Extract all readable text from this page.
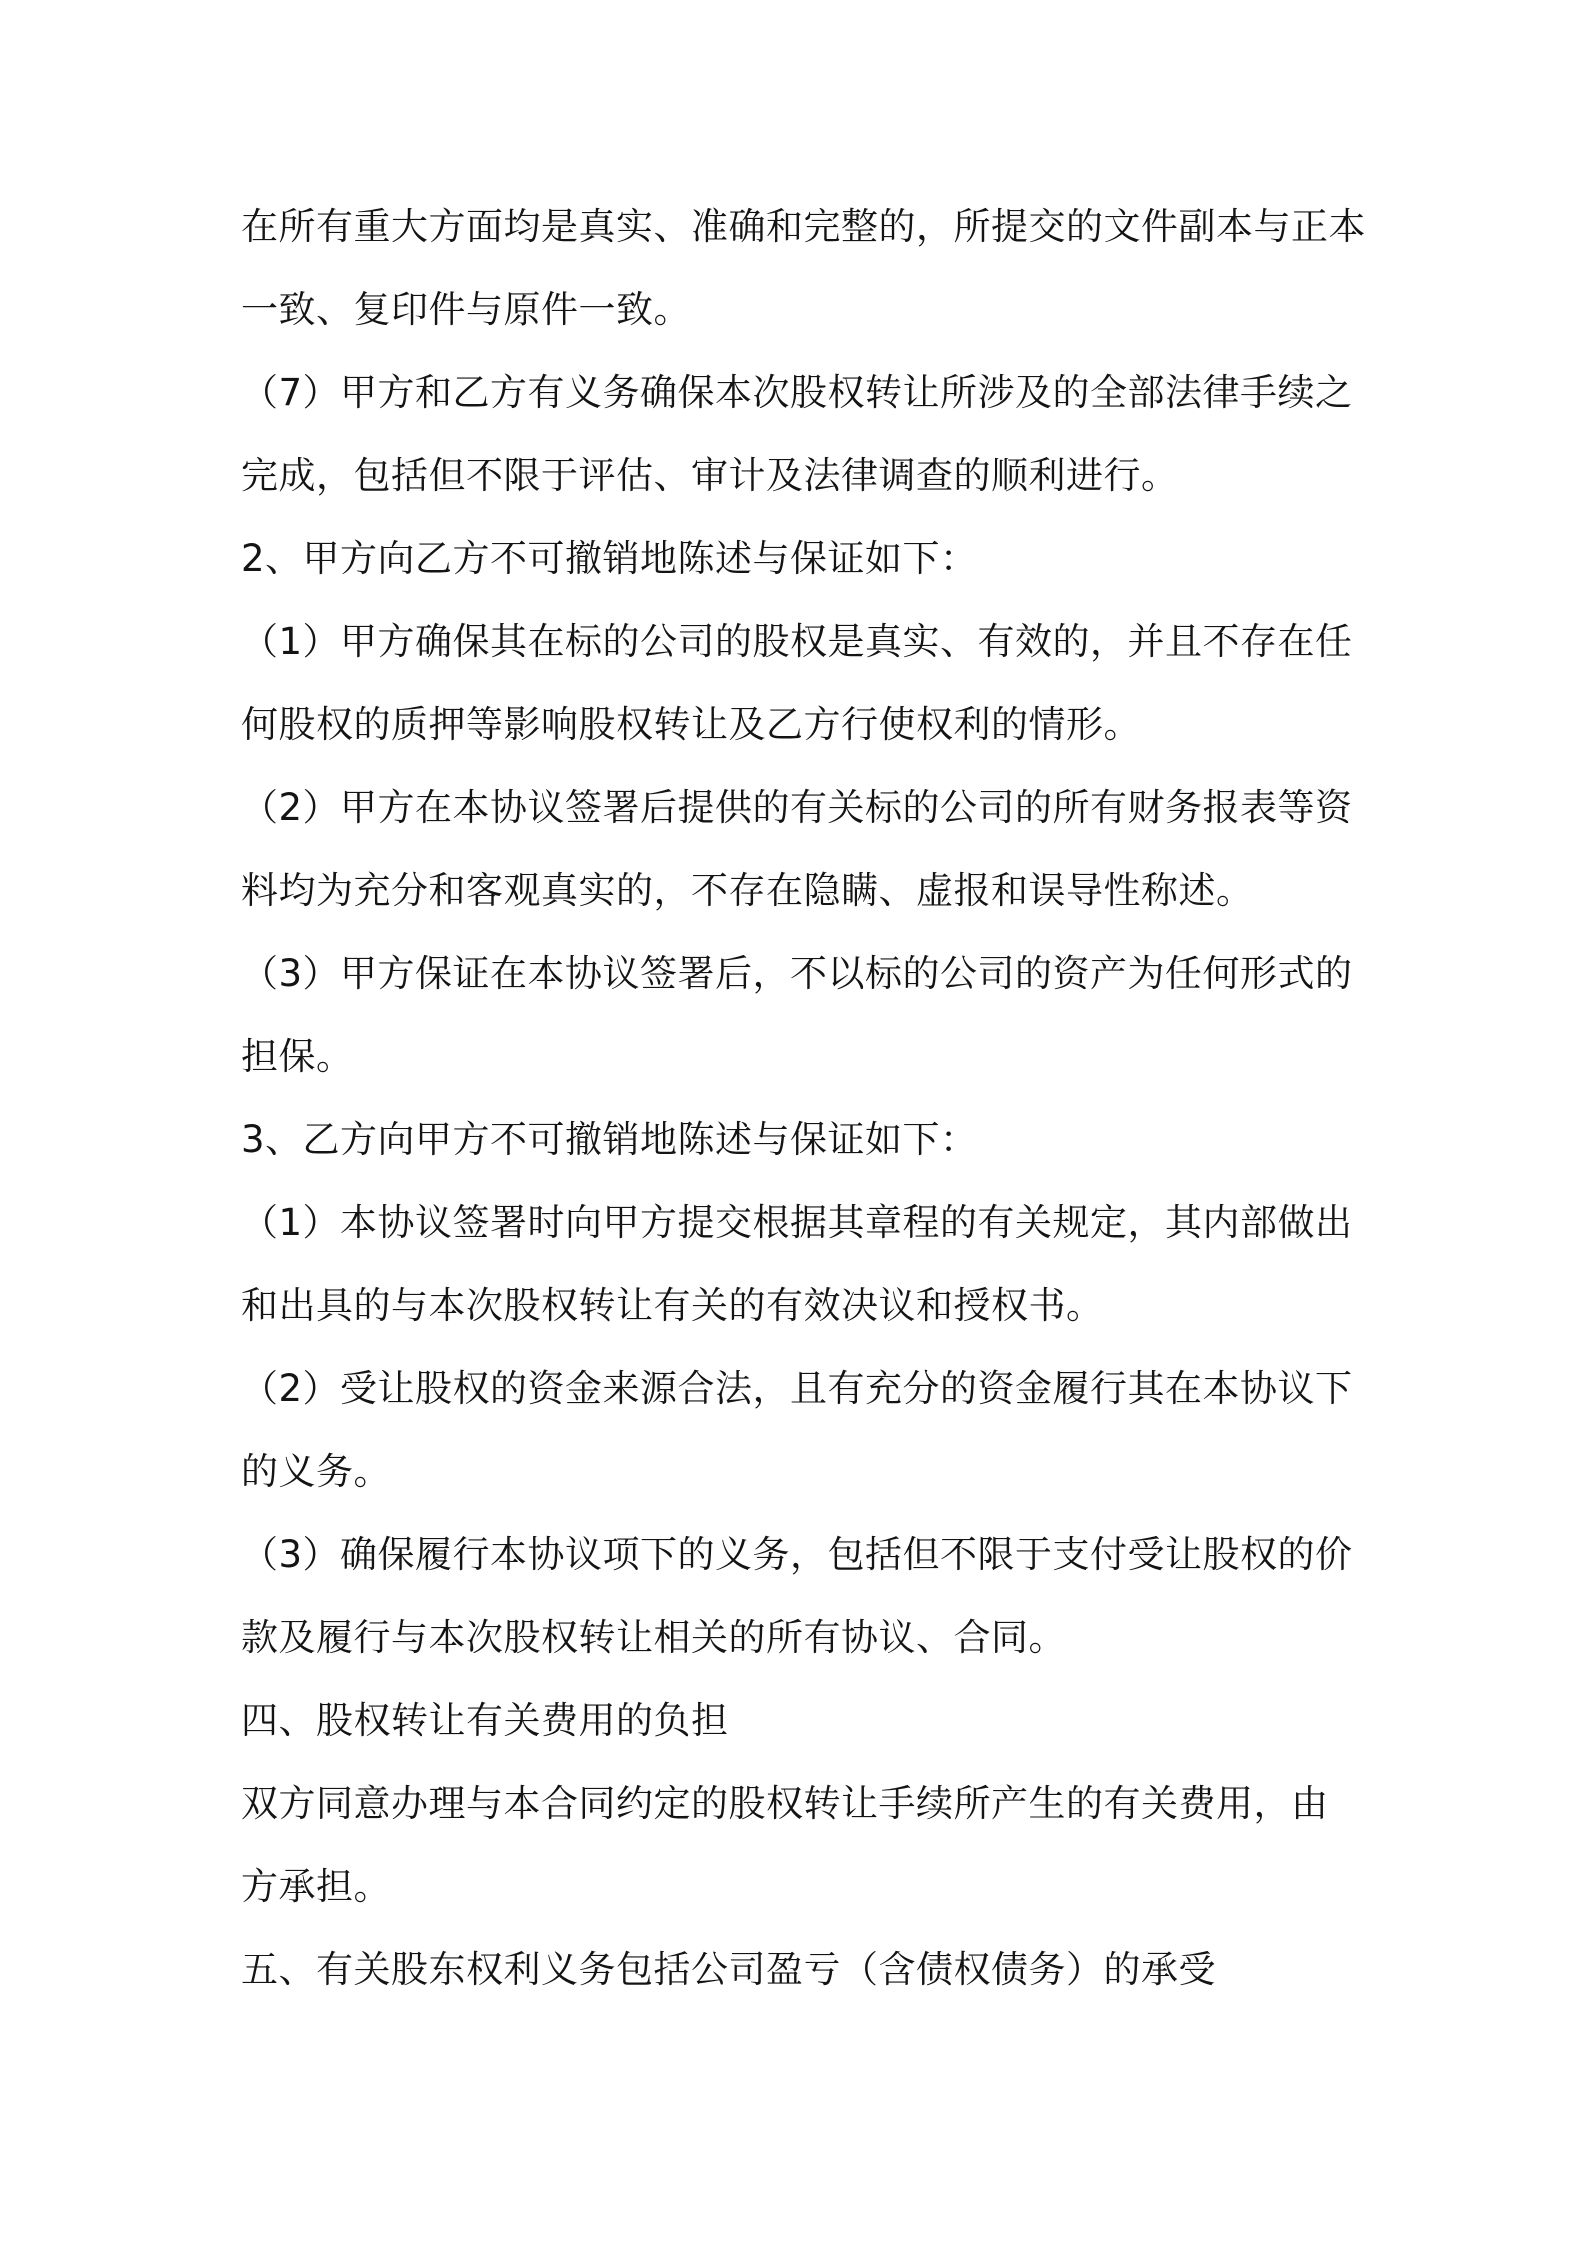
在所有重大方面均是真实、准确和完整的，所提交的文件副本与正本
一致、复印件与原件一致。
（7）甲方和乙方有义务确保本次股权转让所涉及的全部法律手续之
完成，包括但不限于评估、审计及法律调查的顺利进行。
2、甲方向乙方不可撤销地陈述与保证如下：
（1）甲方确保其在标的公司的股权是真实、有效的，并且不存在任
何股权的质押等影响股权转让及乙方行使权利的情形。
（2）甲方在本协议签署后提供的有关标的公司的所有财务报表等资
料均为充分和客观真实的，不存在隐瞒、虚报和误导性称述。
（3）甲方保证在本协议签署后，不以标的公司的资产为任何形式的
担保。
3、乙方向甲方不可撤销地陈述与保证如下：
（1）本协议签署时向甲方提交根据其章程的有关规定，其内部做出
和出具的与本次股权转让有关的有效决议和授权书。
（2）受让股权的资金来源合法，且有充分的资金履行其在本协议下
的义务。
（3）确保履行本协议项下的义务，包括但不限于支付受让股权的价
款及履行与本次股权转让相关的所有协议、合同。
四、股权转让有关费用的负担
双方同意办理与本合同约定的股权转让手续所产生的有关费用，由
方承担。
五、有关股东权利义务包括公司盈亏（含债权债务）的承受
